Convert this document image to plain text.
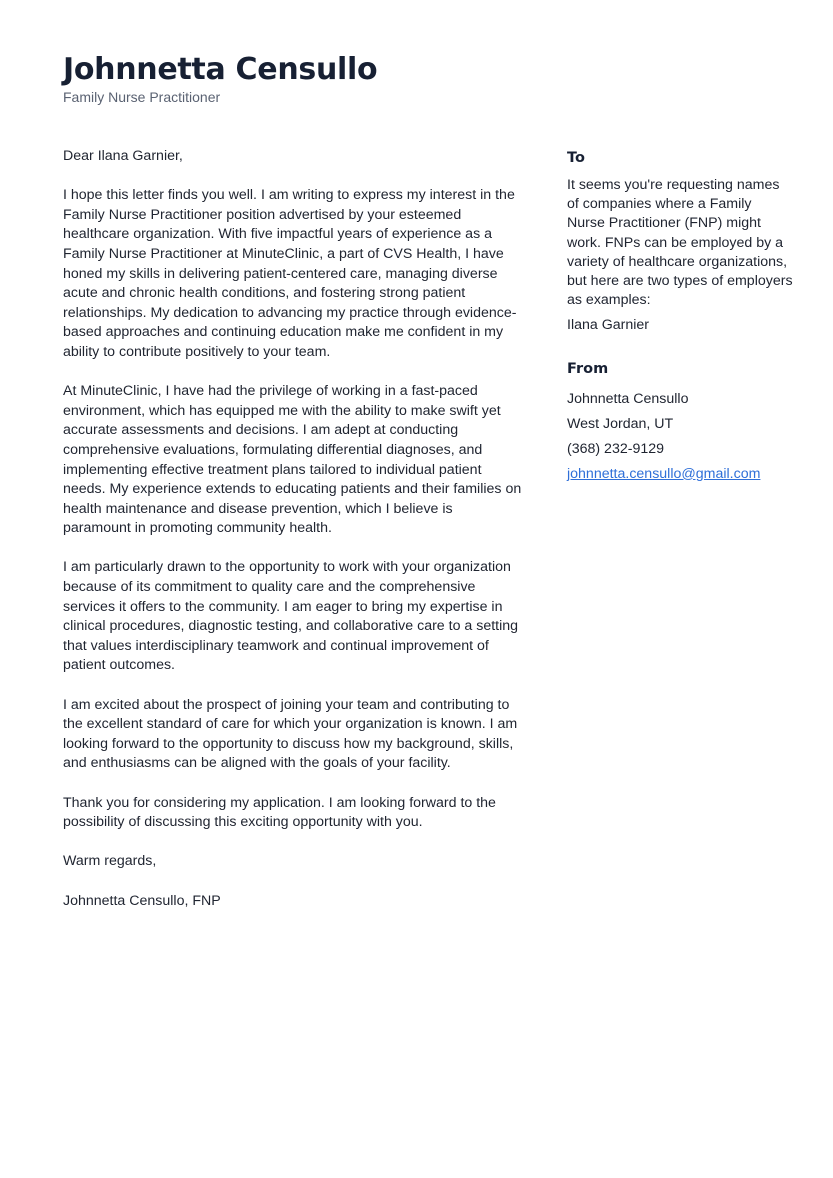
Johnnetta Censullo

Family Nurse Practitioner

Dear Ilana Garnier,

I hope this letter finds you well. I am writing to express my interest in the Family Nurse Practitioner position advertised by your esteemed healthcare organization. With five impactful years of experience as a Family Nurse Practitioner at MinuteClinic, a part of CVS Health, I have honed my skills in delivering patient-centered care, managing diverse acute and chronic health conditions, and fostering strong patient relationships. My dedication to advancing my practice through evidence-based approaches and continuing education make me confident in my ability to contribute positively to your team.

At MinuteClinic, I have had the privilege of working in a fast-paced environment, which has equipped me with the ability to make swift yet accurate assessments and decisions. I am adept at conducting comprehensive evaluations, formulating differential diagnoses, and implementing effective treatment plans tailored to individual patient needs. My experience extends to educating patients and their families on health maintenance and disease prevention, which I believe is paramount in promoting community health.

I am particularly drawn to the opportunity to work with your organization because of its commitment to quality care and the comprehensive services it offers to the community. I am eager to bring my expertise in clinical procedures, diagnostic testing, and collaborative care to a setting that values interdisciplinary teamwork and continual improvement of patient outcomes.

I am excited about the prospect of joining your team and contributing to the excellent standard of care for which your organization is known. I am looking forward to the opportunity to discuss how my background, skills, and enthusiasms can be aligned with the goals of your facility.

Thank you for considering my application. I am looking forward to the possibility of discussing this exciting opportunity with you.

Warm regards,

Johnnetta Censullo, FNP

To

It seems you're requesting names of companies where a Family Nurse Practitioner (FNP) might work. FNPs can be employed by a variety of healthcare organizations, but here are two types of employers as examples:

Ilana Garnier

From

Johnnetta Censullo

West Jordan, UT

(368) 232-9129

johnnetta.censullo@gmail.com
